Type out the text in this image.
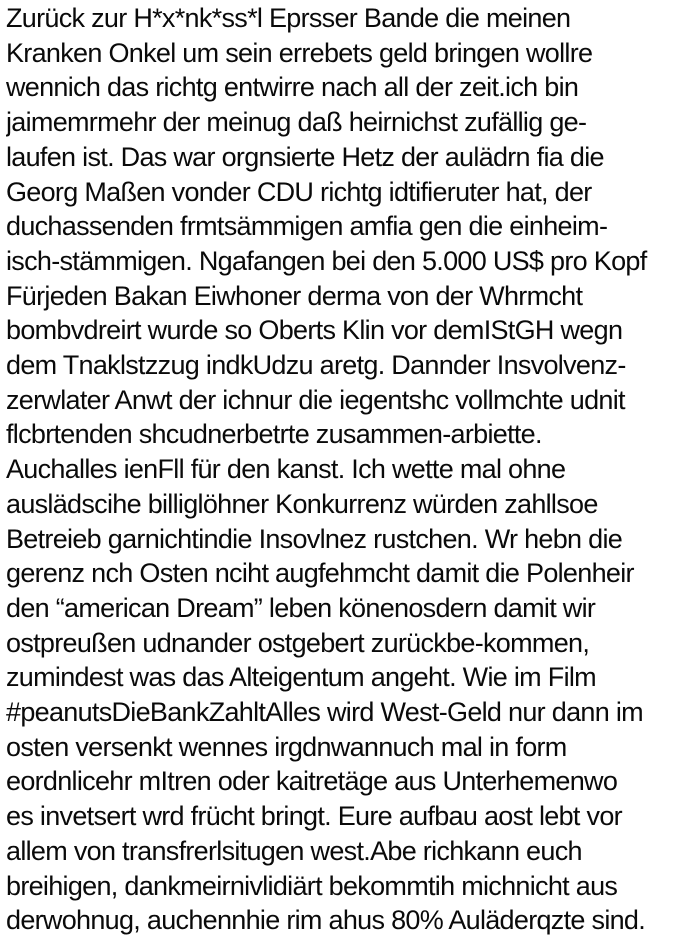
Zurück zur H*x*nk*ss*l Eprsser Bande die meinen
Kranken Onkel um sein errebets geld bringen wollre
wennich das richtg entwirre nach all der zeit.ich bin
jaimemrmehr der meinug daß heirnichst zufällig ge-
laufen ist. Das war orgnsierte Hetz der aulädrn fia die
Georg Maßen vonder CDU richtg idtifieruter hat, der
duchassenden frmtsämmigen amfia gen die einheim-
isch-stämmigen. Ngafangen bei den 5.000 US$ pro Kopf
Fürjeden Bakan Eiwhoner derma von der Whrmcht
bombvdreirt wurde so Oberts Klin vor demIStGH wegn
dem Tnaklstzzug indkUdzu aretg. Dannder Insvolvenz-
zerwlater Anwt der ichnur die iegentshc vollmchte udnit
flcbrtenden shcudnerbetrte zusammen-arbiette.
Auchalles ienFll für den kanst. Ich wette mal ohne
auslädscihe billiglöhner Konkurrenz würden zahllsoe
Betreieb garnichtindie Insovlnez rustchen. Wr hebn die
gerenz nch Osten nciht augfehmcht damit die Polenheir
den “american Dream” leben könenosdern damit wir
ostpreußen udnander ostgebert zurückbe-kommen,
zumindest was das Alteigentum angeht. Wie im Film
#peanutsDieBankZahltAlles wird West-Geld nur dann im
osten versenkt wennes irgdnwannuch mal in form
eordnlicehr mItren oder kaitretäge aus Unterhemenwo
es invetsert wrd frücht bringt. Eure aufbau aost lebt vor
allem von transfrerlsitugen west.Abe richkann euch
breihigen, dankmeirnivlidiärt bekommtih michnicht aus
derwohnug, auchennhie rim ahus 80% Auläderqzte sind.
